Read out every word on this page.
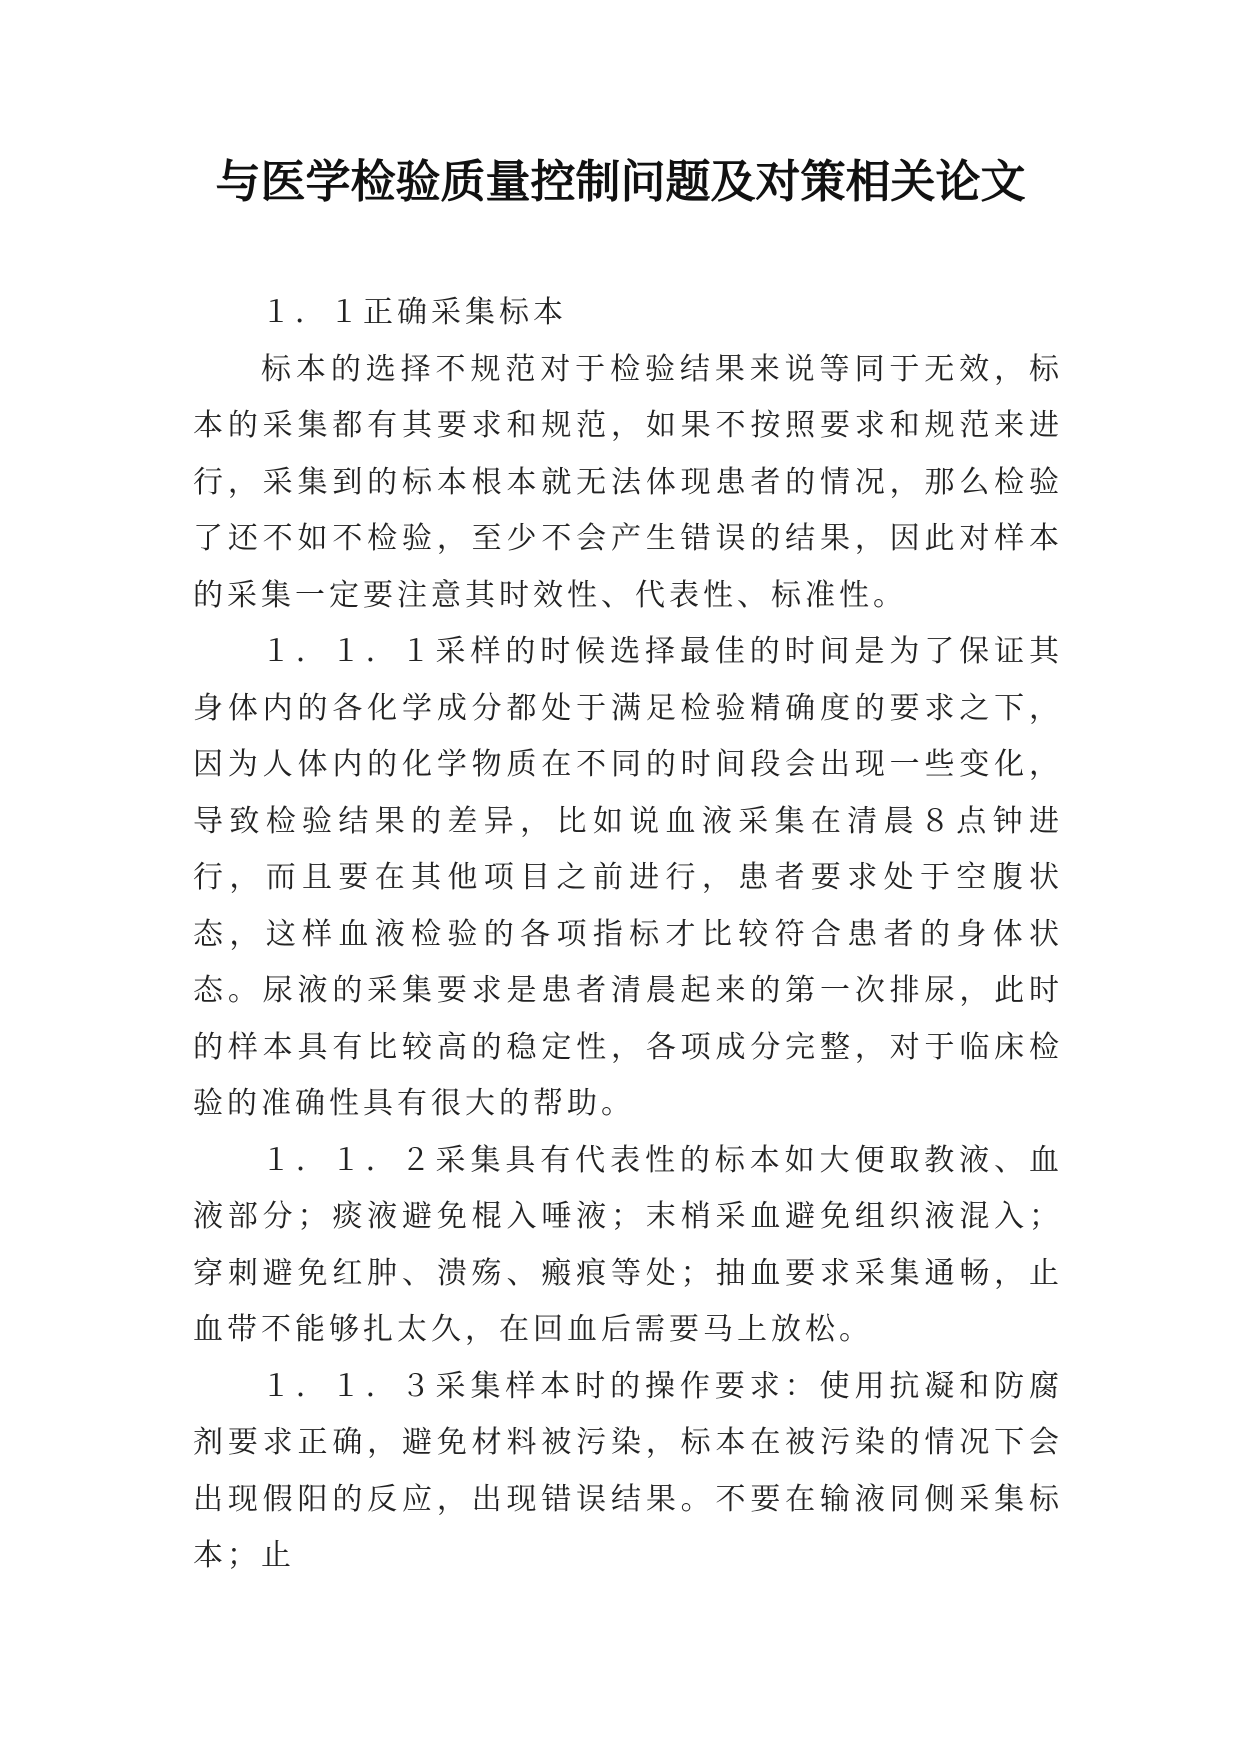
与医学检验质量控制问题及对策相关论文

１．１正确采集标本

标本的选择不规范对于检验结果来说等同于无效，标本的采集都有其要求和规范，如果不按照要求和规范来进行，采集到的标本根本就无法体现患者的情况，那么检验了还不如不检验，至少不会产生错误的结果，因此对样本的采集一定要注意其时效性、代表性、标准性。

１．１．１采样的时候选择最佳的时间是为了保证其身体内的各化学成分都处于满足检验精确度的要求之下，因为人体内的化学物质在不同的时间段会出现一些变化，导致检验结果的差异，比如说血液采集在清晨８点钟进行，而且要在其他项目之前进行，患者要求处于空腹状态，这样血液检验的各项指标才比较符合患者的身体状态。尿液的采集要求是患者清晨起来的第一次排尿，此时的样本具有比较高的稳定性，各项成分完整，对于临床检验的准确性具有很大的帮助。

１．１．２采集具有代表性的标本如大便取教液、血液部分；痰液避免棍入唾液；末梢采血避免组织液混入；穿刺避免红肿、溃殇、瘢痕等处；抽血要求采集通畅，止血带不能够扎太久，在回血后需要马上放松。

１．１．３采集样本时的操作要求：使用抗凝和防腐剂要求正确，避免材料被污染，标本在被污染的情况下会出现假阳的反应，出现错误结果。不要在输液同侧采集标本；止
